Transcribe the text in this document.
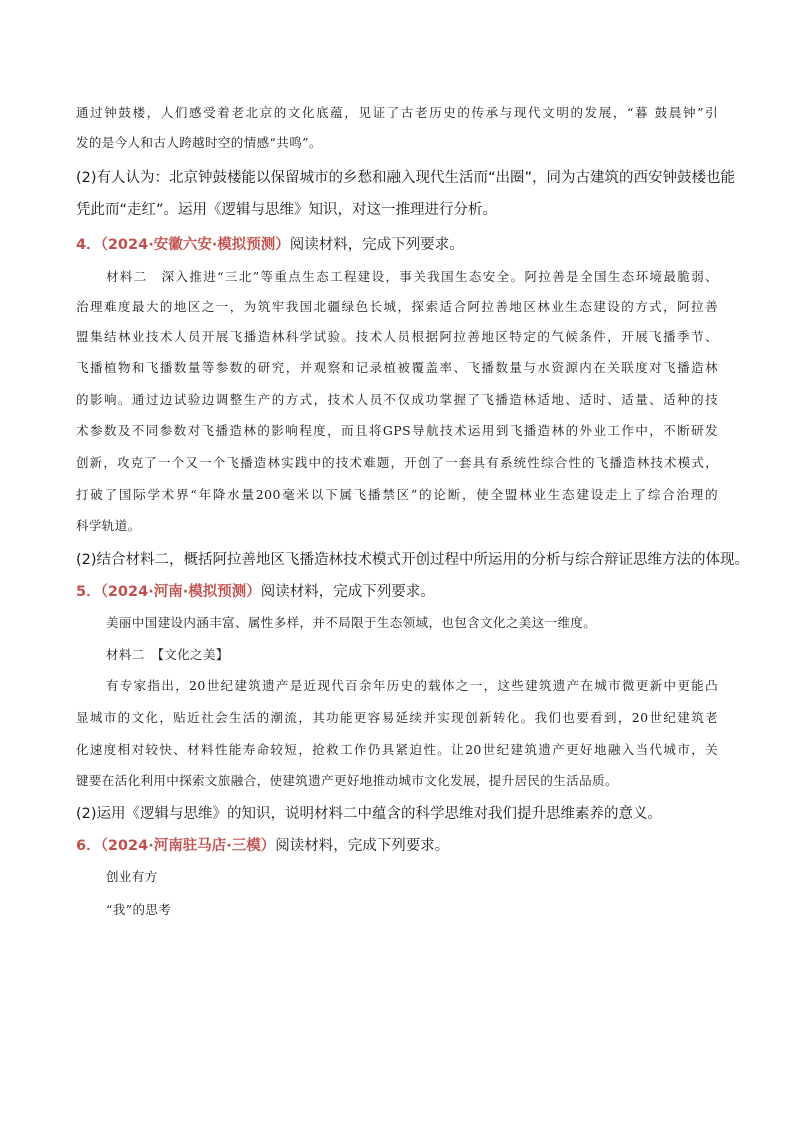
通过钟鼓楼，人们感受着老北京的文化底蕴，见证了古老历史的传承与现代文明的发展，“暮 鼓晨钟”引

发的是今人和古人跨越时空的情感“共鸣”。

(2)有人认为：北京钟鼓楼能以保留城市的乡愁和融入现代生活而“出圈”，同为古建筑的西安钟鼓楼也能

凭此而“走红”。运用《逻辑与思维》知识，对这一推理进行分析。

4．（2024·安徽六安·模拟预测）阅读材料，完成下列要求。

材料二　深入推进“三北”等重点生态工程建设，事关我国生态安全。阿拉善是全国生态环境最脆弱、

治理难度最大的地区之一，为筑牢我国北疆绿色长城，探索适合阿拉善地区林业生态建设的方式，阿拉善

盟集结林业技术人员开展飞播造林科学试验。技术人员根据阿拉善地区特定的气候条件，开展飞播季节、

飞播植物和飞播数量等参数的研究，并观察和记录植被覆盖率、飞播数量与水资源内在关联度对飞播造林

的影响。通过边试验边调整生产的方式，技术人员不仅成功掌握了飞播造林适地、适时、适量、适种的技

术参数及不同参数对飞播造林的影响程度，而且将GPS导航技术运用到飞播造林的外业工作中，不断研发

创新，攻克了一个又一个飞播造林实践中的技术难题，开创了一套具有系统性综合性的飞播造林技术模式，

打破了国际学术界“年降水量200毫米以下属飞播禁区”的论断，使全盟林业生态建设走上了综合治理的

科学轨道。

(2)结合材料二，概括阿拉善地区飞播造林技术模式开创过程中所运用的分析与综合辩证思维方法的体现。

5．（2024·河南·模拟预测）阅读材料，完成下列要求。

美丽中国建设内涵丰富、属性多样，并不局限于生态领域，也包含文化之美这一维度。

材料二　【文化之美】

有专家指出，20世纪建筑遗产是近现代百余年历史的载体之一，这些建筑遗产在城市微更新中更能凸

显城市的文化，贴近社会生活的潮流，其功能更容易延续并实现创新转化。我们也要看到，20世纪建筑老

化速度相对较快、材料性能寿命较短，抢救工作仍具紧迫性。让20世纪建筑遗产更好地融入当代城市，关

键要在活化利用中探索文旅融合，使建筑遗产更好地推动城市文化发展，提升居民的生活品质。

(2)运用《逻辑与思维》的知识，说明材料二中蕴含的科学思维对我们提升思维素养的意义。

6．（2024·河南驻马店·三模）阅读材料，完成下列要求。

创业有方

“我”的思考
